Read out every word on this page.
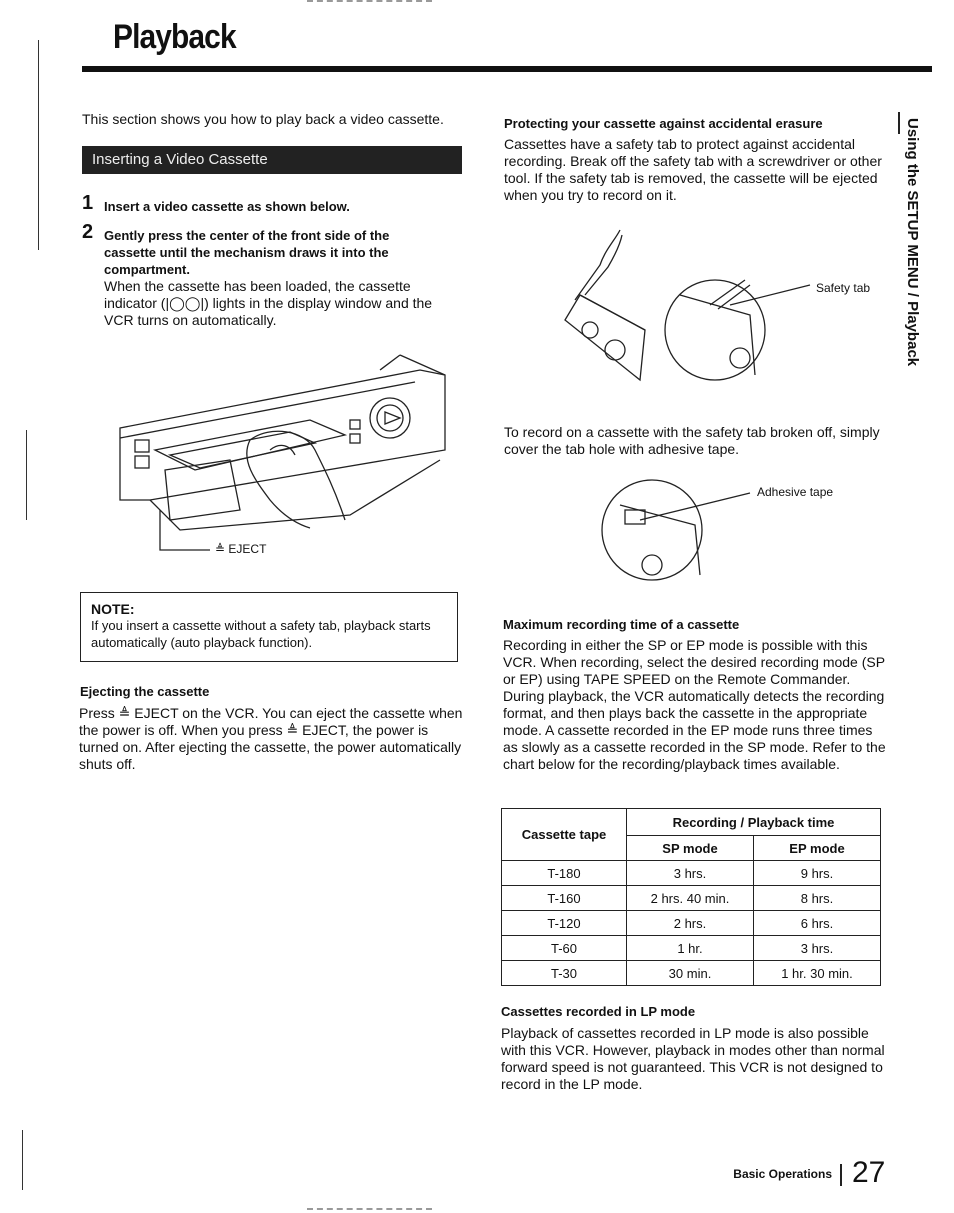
Playback
Using the SETUP MENU / Playback
This section shows you how to play back a video cassette.
Inserting a Video Cassette
1 Insert a video cassette as shown below.
2 Gently press the center of the front side of the cassette until the mechanism draws it into the compartment.
When the cassette has been loaded, the cassette indicator (|◯◯|) lights in the display window and the VCR turns on automatically.
≜ EJECT
NOTE:
If you insert a cassette without a safety tab, playback starts automatically (auto playback function).
Ejecting the cassette
Press ≜ EJECT on the VCR. You can eject the cassette when the power is off. When you press ≜ EJECT, the power is turned on. After ejecting the cassette, the power automatically shuts off.
Protecting your cassette against accidental erasure
Cassettes have a safety tab to protect against accidental recording. Break off the safety tab with a screwdriver or other tool. If the safety tab is removed, the cassette will be ejected when you try to record on it.
Safety tab
To record on a cassette with the safety tab broken off, simply cover the tab hole with adhesive tape.
Adhesive tape
Maximum recording time of a cassette
Recording in either the SP or EP mode is possible with this VCR. When recording, select the desired recording mode (SP or EP) using TAPE SPEED on the Remote Commander. During playback, the VCR automatically detects the recording format, and then plays back the cassette in the appropriate mode. A cassette recorded in the EP mode runs three times as slowly as a cassette recorded in the SP mode. Refer to the chart below for the recording/playback times available.
Cassette tape	Recording / Playback time	
	SP mode	EP mode
T-180	3 hrs.	9 hrs.
T-160	2 hrs. 40 min.	8 hrs.
T-120	2 hrs.	6 hrs.
T-60	1 hr.	3 hrs.
T-30	30 min.	1 hr. 30 min.
Cassettes recorded in LP mode
Playback of cassettes recorded in LP mode is also possible with this VCR. However, playback in modes other than normal forward speed is not guaranteed. This VCR is not designed to record in the LP mode.
Basic Operations 27
